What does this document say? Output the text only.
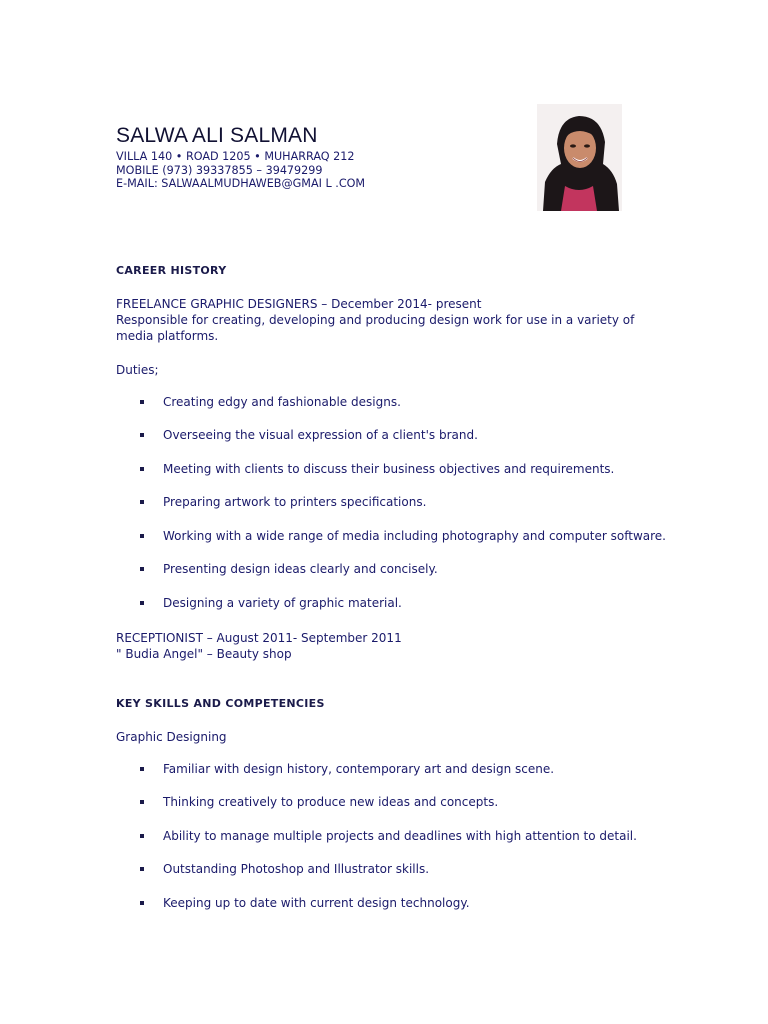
SALWA ALI SALMAN
VILLA 140 • ROAD 1205 • MUHARRAQ 212
MOBILE (973) 39337855 – 39479299
E-MAIL: SALWAALMUDHAWEB@GMAI L .COM
CAREER HISTORY
FREELANCE GRAPHIC DESIGNERS – December 2014- present
Responsible for creating, developing and producing design work for use in a variety of
media platforms.
Duties;
Creating edgy and fashionable designs.
Overseeing the visual expression of a client's brand.
Meeting with clients to discuss their business objectives and requirements.
Preparing artwork to printers specifications.
Working with a wide range of media including photography and computer software.
Presenting design ideas clearly and concisely.
Designing a variety of graphic material.
RECEPTIONIST – August 2011- September 2011
" Budia Angel" – Beauty shop
KEY SKILLS AND COMPETENCIES
Graphic Designing
Familiar with design history, contemporary art and design scene.
Thinking creatively to produce new ideas and concepts.
Ability to manage multiple projects and deadlines with high attention to detail.
Outstanding Photoshop and Illustrator skills.
Keeping up to date with current design technology.
